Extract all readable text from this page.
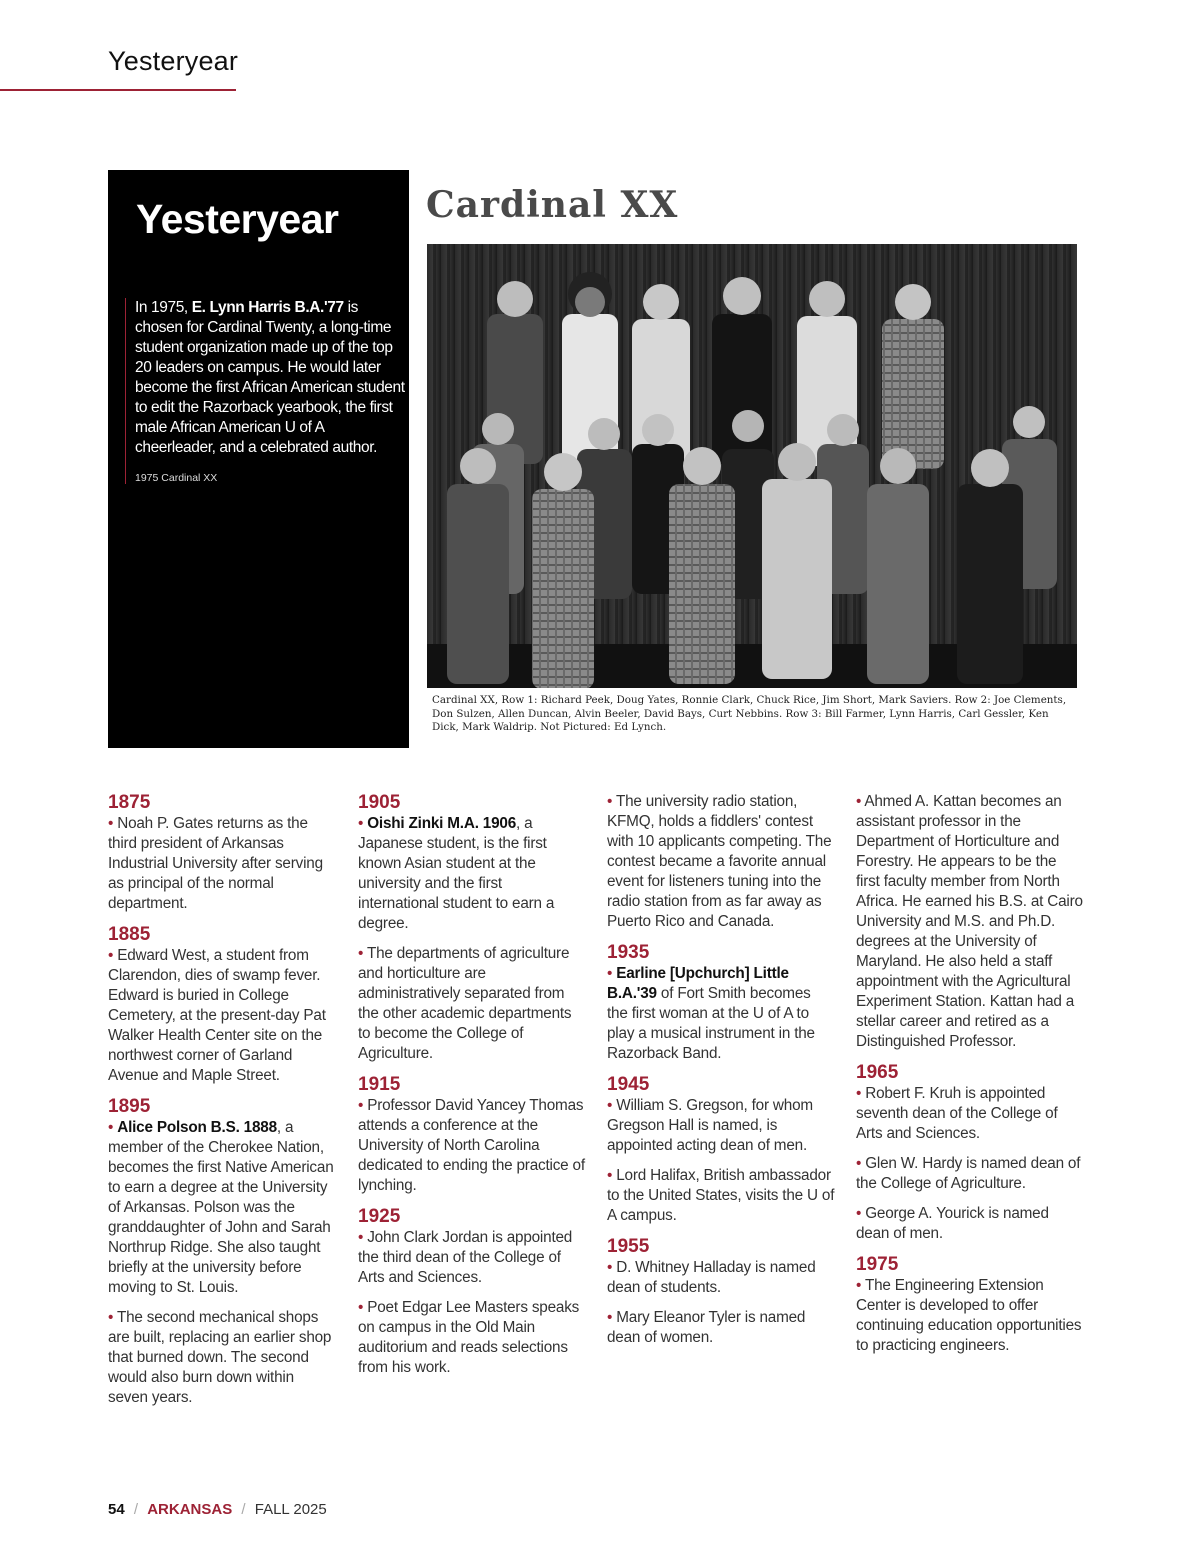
Yesteryear
Yesteryear
In 1975, E. Lynn Harris B.A.'77 is chosen for Cardinal Twenty, a long-time student organization made up of the top 20 leaders on campus. He would later become the first African American student to edit the Razorback yearbook, the first male African American U of A cheerleader, and a celebrated author.
1975 Cardinal XX
Cardinal XX
Cardinal XX, Row 1: Richard Peek, Doug Yates, Ronnie Clark, Chuck Rice, Jim Short, Mark Saviers. Row 2: Joe Clements, Don Sulzen, Allen Duncan, Alvin Beeler, David Bays, Curt Nebbins. Row 3: Bill Farmer, Lynn Harris, Carl Gessler, Ken Dick, Mark Waldrip. Not Pictured: Ed Lynch.
1875
• Noah P. Gates returns as the third president of Arkansas Industrial University after serving as principal of the normal department.
1885
• Edward West, a student from Clarendon, dies of swamp fever. Edward is buried in College Cemetery, at the present-day Pat Walker Health Center site on the northwest corner of Garland Avenue and Maple Street.
1895
• Alice Polson B.S. 1888, a member of the Cherokee Nation, becomes the first Native American to earn a degree at the University of Arkansas. Polson was the granddaughter of John and Sarah Northrup Ridge. She also taught briefly at the university before moving to St. Louis.
• The second mechanical shops are built, replacing an earlier shop that burned down. The second would also burn down within seven years.
1905
• Oishi Zinki M.A. 1906, a Japanese student, is the first known Asian student at the university and the first international student to earn a degree.
• The departments of agriculture and horticulture are administratively separated from the other academic departments to become the College of Agriculture.
1915
• Professor David Yancey Thomas attends a conference at the University of North Carolina dedicated to ending the practice of lynching.
1925
• John Clark Jordan is appointed the third dean of the College of Arts and Sciences.
• Poet Edgar Lee Masters speaks on campus in the Old Main auditorium and reads selections from his work.
• The university radio station, KFMQ, holds a fiddlers' contest with 10 applicants competing. The contest became a favorite annual event for listeners tuning into the radio station from as far away as Puerto Rico and Canada.
1935
• Earline [Upchurch] Little B.A.'39 of Fort Smith becomes the first woman at the U of A to play a musical instrument in the Razorback Band.
1945
• William S. Gregson, for whom Gregson Hall is named, is appointed acting dean of men.
• Lord Halifax, British ambassador to the United States, visits the U of A campus.
1955
• D. Whitney Halladay is named dean of students.
• Mary Eleanor Tyler is named dean of women.
• Ahmed A. Kattan becomes an assistant professor in the Department of Horticulture and Forestry. He appears to be the first faculty member from North Africa. He earned his B.S. at Cairo University and M.S. and Ph.D. degrees at the University of Maryland. He also held a staff appointment with the Agricultural Experiment Station. Kattan had a stellar career and retired as a Distinguished Professor.
1965
• Robert F. Kruh is appointed seventh dean of the College of Arts and Sciences.
• Glen W. Hardy is named dean of the College of Agriculture.
• George A. Yourick is named dean of men.
1975
• The Engineering Extension Center is developed to offer continuing education opportunities to practicing engineers.
54 / ARKANSAS / FALL 2025
